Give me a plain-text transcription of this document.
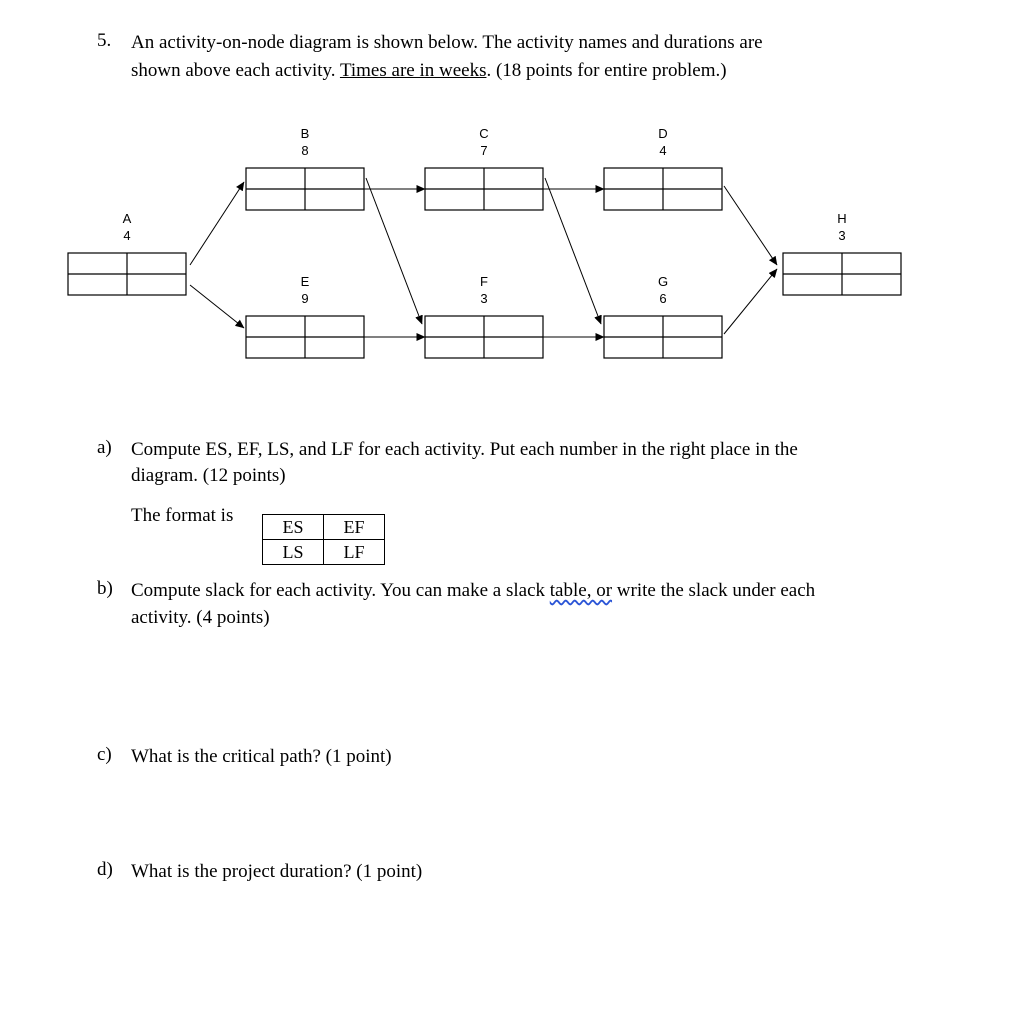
5. An activity-on-node diagram is shown below. The activity names and durations are

shown above each activity. Times are in weeks. (18 points for entire problem.)

A
4
B
8
C
7
D
4
E
9
F
3
G
6
H
3
a) Compute ES, EF, LS, and LF for each activity. Put each number in the right place in the

diagram. (12 points)

The format is

ES	EF
LS	LF
b) Compute slack for each activity. You can make a slack table, or write the slack under each

activity. (4 points)

c) What is the critical path? (1 point)

d) What is the project duration? (1 point)
